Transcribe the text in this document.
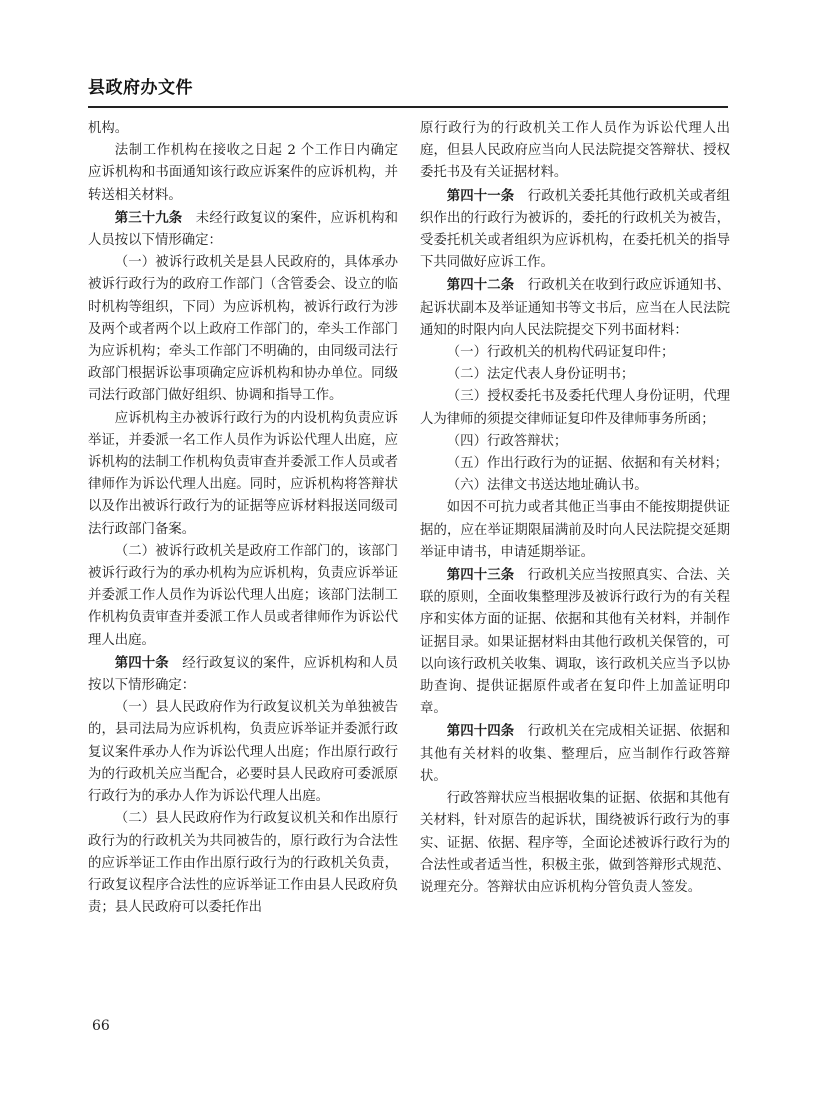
县政府办文件

机构。

法制工作机构在接收之日起 2 个工作日内确定应诉机构和书面通知该行政应诉案件的应诉机构，并转送相关材料。

第三十九条　未经行政复议的案件，应诉机构和人员按以下情形确定：

（一）被诉行政机关是县人民政府的，具体承办被诉行政行为的政府工作部门（含管委会、设立的临时机构等组织，下同）为应诉机构，被诉行政行为涉及两个或者两个以上政府工作部门的，牵头工作部门为应诉机构；牵头工作部门不明确的，由同级司法行政部门根据诉讼事项确定应诉机构和协办单位。同级司法行政部门做好组织、协调和指导工作。

应诉机构主办被诉行政行为的内设机构负责应诉举证，并委派一名工作人员作为诉讼代理人出庭，应诉机构的法制工作机构负责审查并委派工作人员或者律师作为诉讼代理人出庭。同时，应诉机构将答辩状以及作出被诉行政行为的证据等应诉材料报送同级司法行政部门备案。

（二）被诉行政机关是政府工作部门的，该部门被诉行政行为的承办机构为应诉机构，负责应诉举证并委派工作人员作为诉讼代理人出庭；该部门法制工作机构负责审查并委派工作人员或者律师作为诉讼代理人出庭。

第四十条　经行政复议的案件，应诉机构和人员按以下情形确定：

（一）县人民政府作为行政复议机关为单独被告的，县司法局为应诉机构，负责应诉举证并委派行政复议案件承办人作为诉讼代理人出庭；作出原行政行为的行政机关应当配合，必要时县人民政府可委派原行政行为的承办人作为诉讼代理人出庭。

（二）县人民政府作为行政复议机关和作出原行政行为的行政机关为共同被告的，原行政行为合法性的应诉举证工作由作出原行政行为的行政机关负责，行政复议程序合法性的应诉举证工作由县人民政府负责；县人民政府可以委托作出

原行政行为的行政机关工作人员作为诉讼代理人出庭，但县人民政府应当向人民法院提交答辩状、授权委托书及有关证据材料。

第四十一条　行政机关委托其他行政机关或者组织作出的行政行为被诉的，委托的行政机关为被告，受委托机关或者组织为应诉机构，在委托机关的指导下共同做好应诉工作。

第四十二条　行政机关在收到行政应诉通知书、起诉状副本及举证通知书等文书后，应当在人民法院通知的时限内向人民法院提交下列书面材料：

（一）行政机关的机构代码证复印件；

（二）法定代表人身份证明书；

（三）授权委托书及委托代理人身份证明，代理人为律师的须提交律师证复印件及律师事务所函；

（四）行政答辩状；

（五）作出行政行为的证据、依据和有关材料；

（六）法律文书送达地址确认书。

如因不可抗力或者其他正当事由不能按期提供证据的，应在举证期限届满前及时向人民法院提交延期举证申请书，申请延期举证。

第四十三条　行政机关应当按照真实、合法、关联的原则，全面收集整理涉及被诉行政行为的有关程序和实体方面的证据、依据和其他有关材料，并制作证据目录。如果证据材料由其他行政机关保管的，可以向该行政机关收集、调取，该行政机关应当予以协助查询、提供证据原件或者在复印件上加盖证明印章。

第四十四条　行政机关在完成相关证据、依据和其他有关材料的收集、整理后，应当制作行政答辩状。

行政答辩状应当根据收集的证据、依据和其他有关材料，针对原告的起诉状，围绕被诉行政行为的事实、证据、依据、程序等，全面论述被诉行政行为的合法性或者适当性，积极主张，做到答辩形式规范、说理充分。答辩状由应诉机构分管负责人签发。

66
